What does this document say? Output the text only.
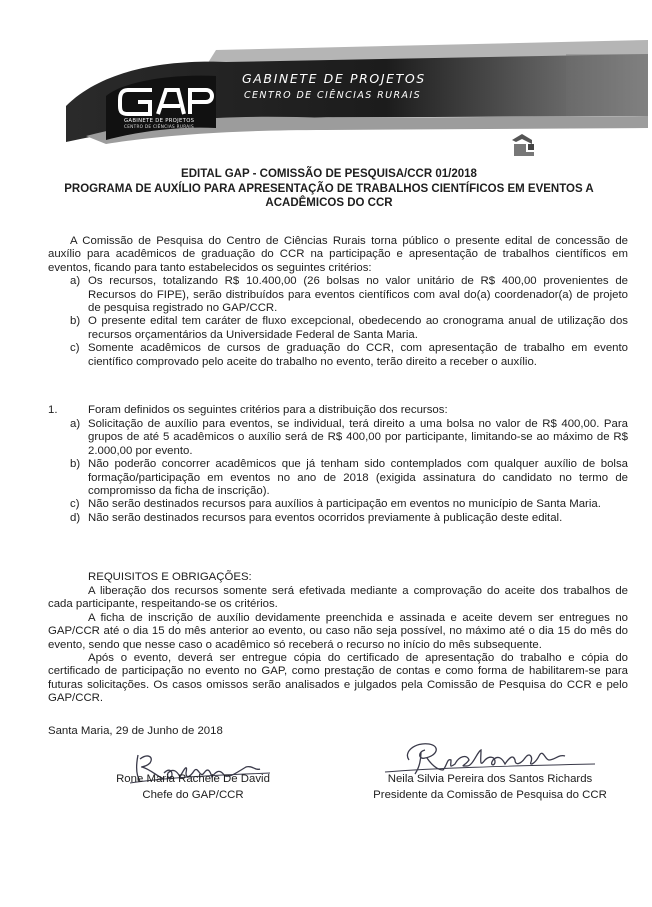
GABINETE DE PROJETOS
CENTRO DE CIÊNCIAS RURAIS
GABINETE DE PROJETOS
CENTRO DE CIÊNCIAS RURAIS
EDITAL GAP - COMISSÃO DE PESQUISA/CCR 01/2018
PROGRAMA DE AUXÍLIO PARA APRESENTAÇÃO DE TRABALHOS CIENTÍFICOS EM EVENTOS A
ACADÊMICOS DO CCR

A Comissão de Pesquisa do Centro de Ciências Rurais torna público o presente edital de concessão de auxílio para acadêmicos de graduação do CCR na participação e apresentação de trabalhos científicos em eventos, ficando para tanto estabelecidos os seguintes critérios:

a) Os recursos, totalizando R$ 10.400,00 (26 bolsas no valor unitário de R$ 400,00 provenientes de Recursos do FIPE), serão distribuídos para eventos científicos com aval do(a) coordenador(a) de projeto de pesquisa registrado no GAP/CCR.

b) O presente edital tem caráter de fluxo excepcional, obedecendo ao cronograma anual de utilização dos recursos orçamentários da Universidade Federal de Santa Maria.

c) Somente acadêmicos de cursos de graduação do CCR, com apresentação de trabalho em evento científico comprovado pelo aceite do trabalho no evento, terão direito a receber o auxílio.

1.	Foram definidos os seguintes critérios para a distribuição dos recursos:

a) Solicitação de auxílio para eventos, se individual, terá direito a uma bolsa no valor de R$ 400,00. Para grupos de até 5 acadêmicos o auxílio será de R$ 400,00 por participante, limitando-se ao máximo de R$ 2.000,00 por evento.

b) Não poderão concorrer acadêmicos que já tenham sido contemplados com qualquer auxílio de bolsa formação/participação em eventos no ano de 2018 (exigida assinatura do candidato no termo de compromisso da ficha de inscrição).

c) Não serão destinados recursos para auxílios à participação em eventos no município de Santa Maria.

d) Não serão destinados recursos para eventos ocorridos previamente à publicação deste edital.

REQUISITOS E OBRIGAÇÕES:

A liberação dos recursos somente será efetivada mediante a comprovação do aceite dos trabalhos de cada participante, respeitando-se os critérios.

A ficha de inscrição de auxílio devidamente preenchida e assinada e aceite devem ser entregues no GAP/CCR até o dia 15 do mês anterior ao evento, ou caso não seja possível, no máximo até o dia 15 do mês do evento, sendo que nesse caso o acadêmico só receberá o recurso no início do mês subsequente.

Após o evento, deverá ser entregue cópia do certificado de apresentação do trabalho e cópia do certificado de participação no evento no GAP, como prestação de contas e como forma de habilitarem-se para futuras solicitações. Os casos omissos serão analisados e julgados pela Comissão de Pesquisa do CCR e pelo GAP/CCR.

Santa Maria, 29 de Junho de 2018
Rone Maria Rachele De David
Chefe do GAP/CCR
Neila Silvia Pereira dos Santos Richards
Presidente da Comissão de Pesquisa do CCR
